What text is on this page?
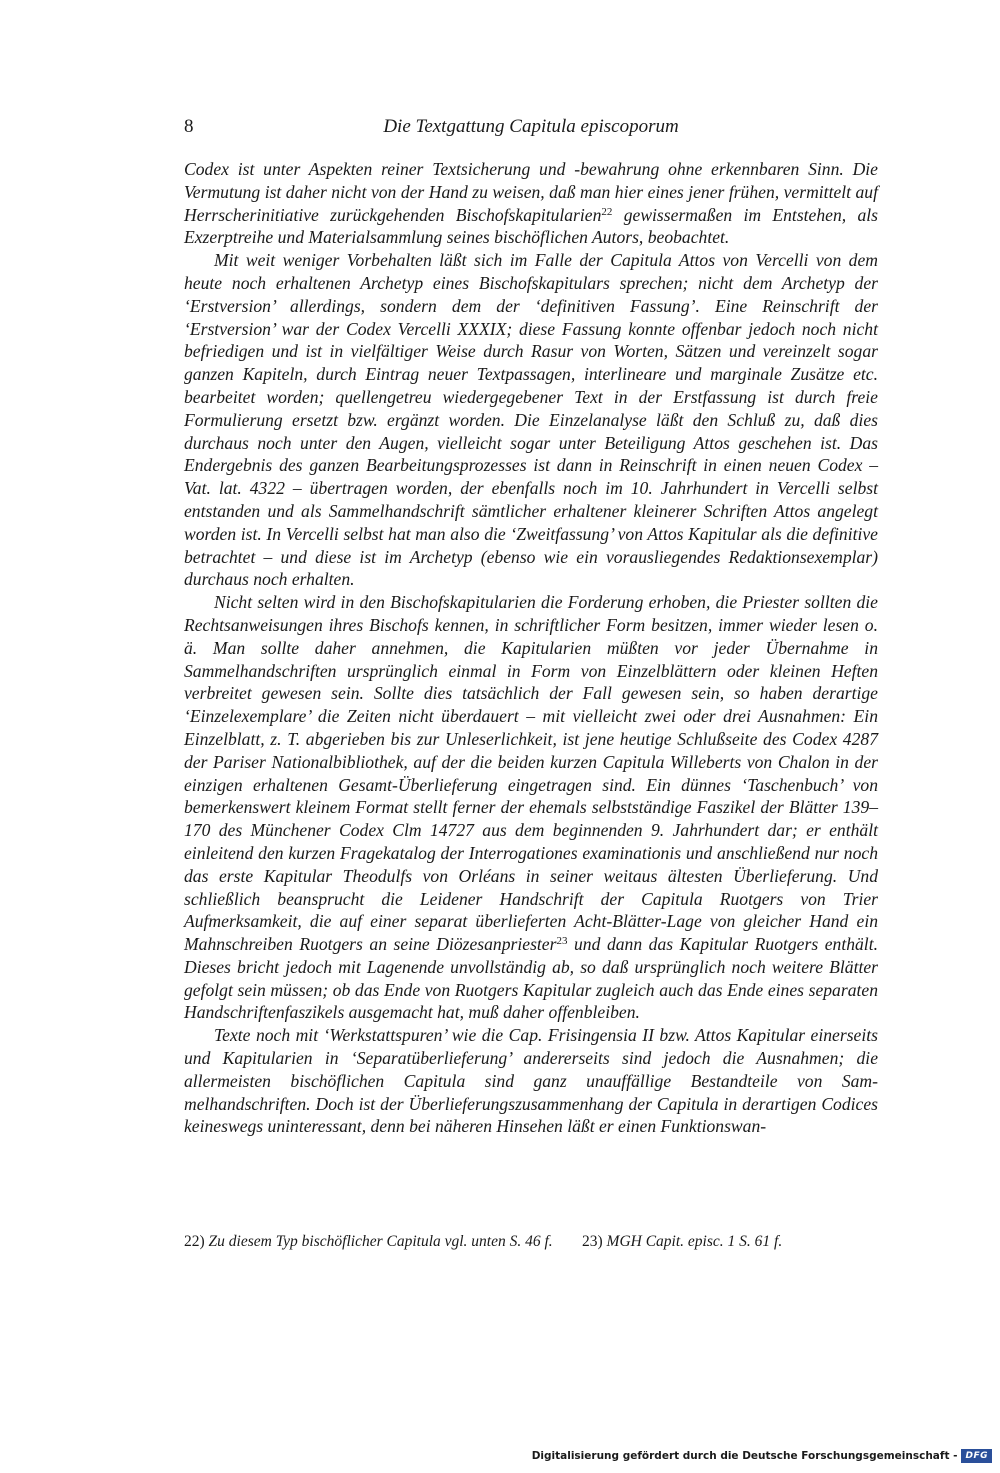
8	Die Textgattung Capitula episcoporum

Codex ist unter Aspekten reiner Textsicherung und -bewahrung ohne erkennbaren Sinn. Die Vermutung ist daher nicht von der Hand zu weisen, daß man hier eines jener frühen, vermittelt auf Herrscherinitiative zurückgehenden Bischofskapitularien$^{22}$ gewissermaßen im Entstehen, als Exzerptreihe und Materialsammlung seines bischöflichen Autors, beobachtet.

Mit weit weniger Vorbehalten läßt sich im Falle der Capitula Attos von Vercelli von dem heute noch erhaltenen Archetyp eines Bischofskapitulars sprechen; nicht dem Archetyp der ‘Erstversion’ allerdings, sondern dem der ‘definitiven Fassung’. Eine Reinschrift der ‘Erstversion’ war der Codex Vercelli XXXIX; diese Fassung konnte offenbar jedoch noch nicht befriedigen und ist in vielfältiger Weise durch Rasur von Worten, Sätzen und vereinzelt sogar ganzen Kapiteln, durch Eintrag neuer Textpassagen, interlineare und marginale Zusätze etc. bearbeitet worden; quellengetreu wiedergegebener Text in der Erstfassung ist durch freie Formulierung ersetzt bzw. ergänzt worden. Die Einzelanalyse läßt den Schluß zu, daß dies durchaus noch unter den Augen, vielleicht sogar unter Beteiligung Attos geschehen ist. Das Endergebnis des ganzen Bearbeitungsprozesses ist dann in Reinschrift in einen neuen Codex – Vat. lat. 4322 – übertragen worden, der ebenfalls noch im 10. Jahrhundert in Vercelli selbst entstanden und als Sammelhandschrift sämtlicher erhaltener kleinerer Schriften Attos angelegt worden ist. In Vercelli selbst hat man also die ‘Zweitfassung’ von Attos Kapitular als die definitive betrachtet – und diese ist im Archetyp (ebenso wie ein vorausliegendes Redaktionsexemplar) durchaus noch erhalten.

Nicht selten wird in den Bischofskapitularien die Forderung erhoben, die Priester sollten die Rechtsanweisungen ihres Bischofs kennen, in schriftlicher Form besitzen, immer wieder lesen o. ä. Man sollte daher annehmen, die Kapitularien müßten vor jeder Übernahme in Sammelhandschriften ursprünglich einmal in Form von Einzelblättern oder kleinen Heften verbreitet gewesen sein. Sollte dies tatsächlich der Fall gewesen sein, so haben derartige ‘Einzelexemplare’ die Zeiten nicht überdauert – mit vielleicht zwei oder drei Ausnahmen: Ein Einzelblatt, z. T. abgerieben bis zur Unleserlichkeit, ist jene heutige Schlußseite des Codex 4287 der Pariser Nationalbibliothek, auf der die beiden kurzen Capitula Willeberts von Chalon in der einzigen erhaltenen Gesamt-Überlieferung eingetragen sind. Ein dünnes ‘Taschenbuch’ von bemerkenswert kleinem Format stellt ferner der ehemals selbstständige Faszikel der Blätter 139–170 des Münchener Codex Clm 14727 aus dem beginnenden 9. Jahrhundert dar; er enthält einleitend den kurzen Fragekatalog der Interrogationes examinationis und anschließend nur noch das erste Kapitular Theodulfs von Orléans in seiner weitaus ältesten Überlieferung. Und schließlich beansprucht die Leidener Handschrift der Capitula Ruotgers von Trier Aufmerksamkeit, die auf einer separat überlieferten Acht-Blätter-Lage von gleicher Hand ein Mahnschreiben Ruotgers an seine Diözesanpriester$^{23}$ und dann das Kapitular Ruotgers enthält. Dieses bricht jedoch mit Lagenende unvollständig ab, so daß ursprünglich noch weitere Blätter gefolgt sein müssen; ob das Ende von Ruotgers Kapitular zugleich auch das Ende eines separaten Handschriftenfaszikels ausgemacht hat, muß daher offenbleiben.

Texte noch mit ‘Werkstattspuren’ wie die Cap. Frisingensia II bzw. Attos Kapitular einerseits und Kapitularien in ‘Separatüberlieferung’ andererseits sind jedoch die Ausnahmen; die allermeisten bischöflichen Capitula sind ganz unauffällige Bestandteile von Sammelhandschriften. Doch ist der Überlieferungszusammenhang der Capitula in derartigen Codices keineswegs uninteressant, denn bei näheren Hinsehen läßt er einen Funktionswan-

22) Zu diesem Typ bischöflicher Capitula vgl. unten S. 46 f. 23) MGH Capit. episc. 1 S. 61 f.
Digitalisierung gefördert durch die Deutsche Forschungsgemeinschaft - DFG
